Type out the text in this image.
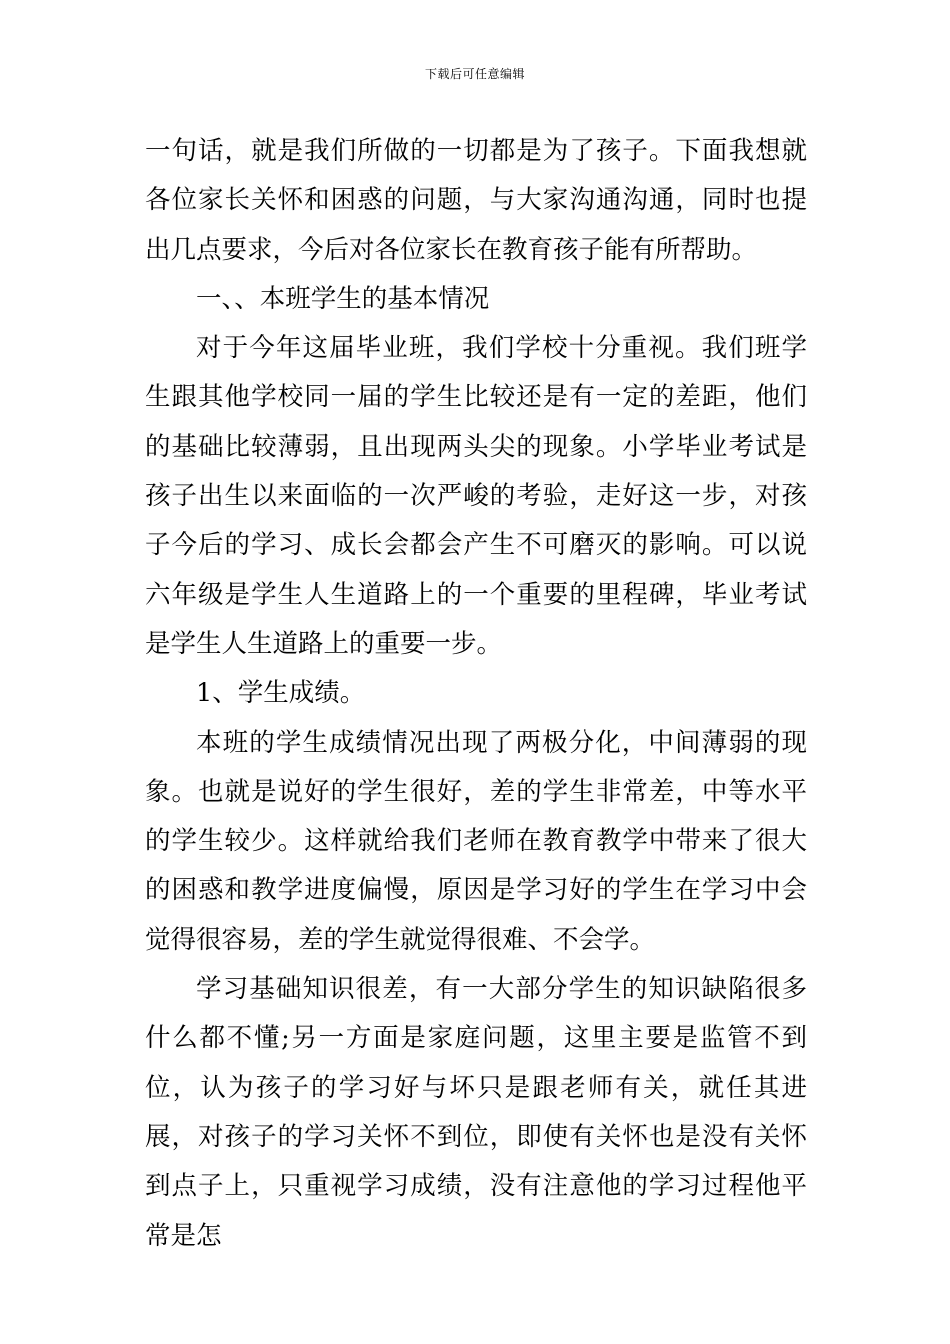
下载后可任意编辑

一句话，就是我们所做的一切都是为了孩子。下面我想就各位家长关怀和困惑的问题，与大家沟通沟通，同时也提出几点要求，今后对各位家长在教育孩子能有所帮助。

一、、本班学生的基本情况

对于今年这届毕业班，我们学校十分重视。我们班学生跟其他学校同一届的学生比较还是有一定的差距，他们的基础比较薄弱，且出现两头尖的现象。小学毕业考试是孩子出生以来面临的一次严峻的考验，走好这一步，对孩子今后的学习、成长会都会产生不可磨灭的影响。可以说六年级是学生人生道路上的一个重要的里程碑，毕业考试是学生人生道路上的重要一步。

1、学生成绩。

本班的学生成绩情况出现了两极分化，中间薄弱的现象。也就是说好的学生很好，差的学生非常差，中等水平的学生较少。这样就给我们老师在教育教学中带来了很大的困惑和教学进度偏慢，原因是学习好的学生在学习中会觉得很容易，差的学生就觉得很难、不会学。

学习基础知识很差，有一大部分学生的知识缺陷很多什么都不懂;另一方面是家庭问题，这里主要是监管不到位，认为孩子的学习好与坏只是跟老师有关，就任其进展，对孩子的学习关怀不到位，即使有关怀也是没有关怀到点子上，只重视学习成绩，没有注意他的学习过程他平常是怎
